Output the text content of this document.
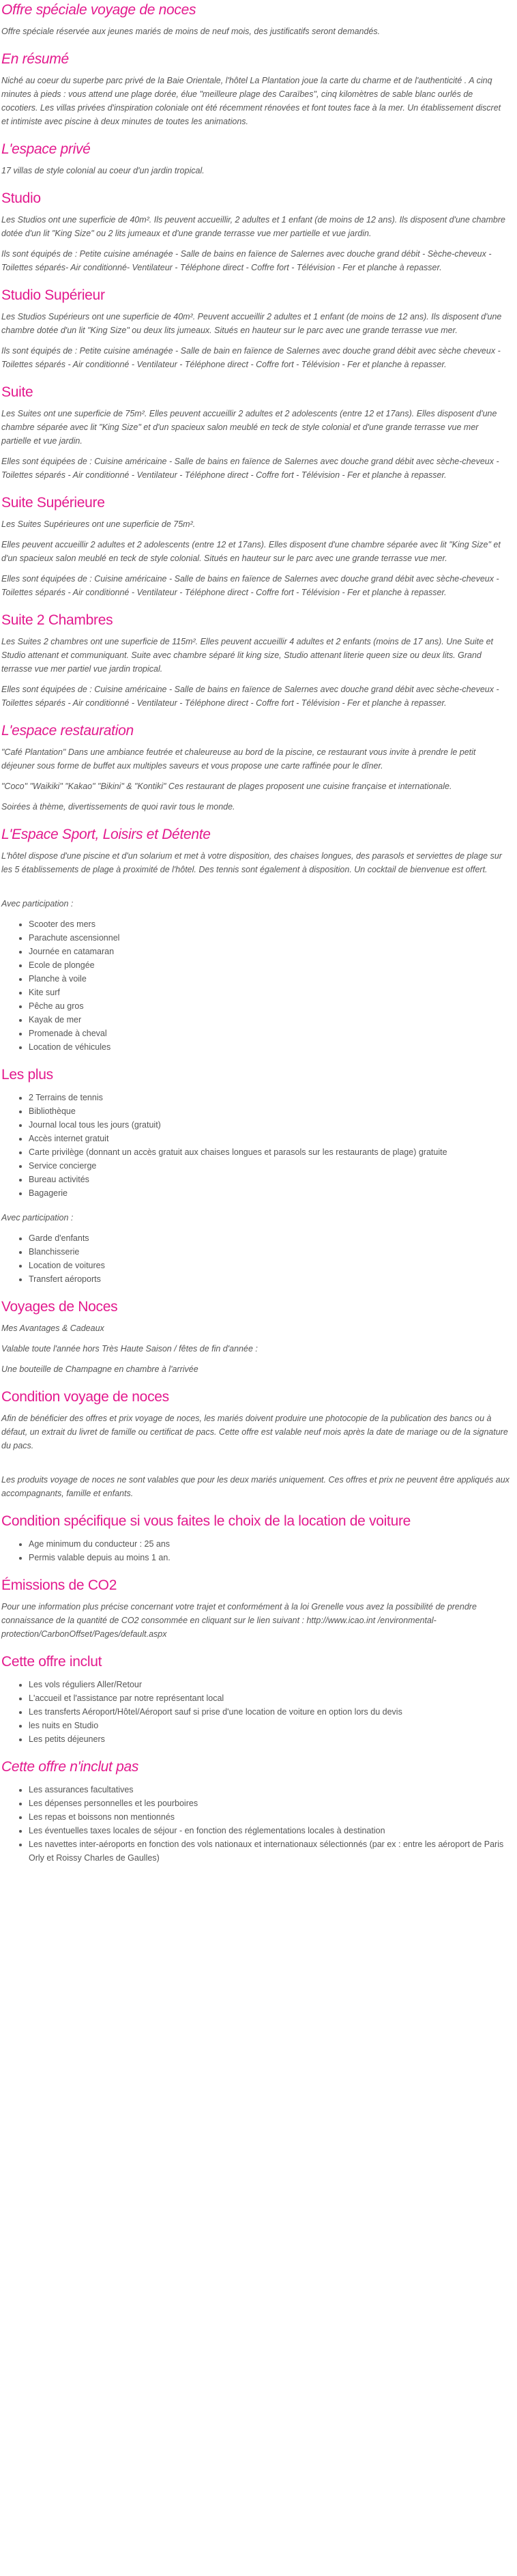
Offre spéciale voyage de noces

Offre spéciale réservée aux jeunes mariés de moins de neuf mois, des justificatifs seront demandés.

En résumé

Niché au coeur du superbe parc privé de la Baie Orientale, l'hôtel La Plantation joue la carte du charme et de l'authenticité . A cinq minutes à pieds : vous attend une plage dorée, élue "meilleure plage des Caraïbes", cinq kilomètres de sable blanc ourlés de cocotiers. Les villas privées d'inspiration coloniale ont été récemment rénovées et font toutes face à la mer. Un établissement discret et intimiste avec piscine à deux minutes de toutes les animations.

L'espace privé

17 villas de style colonial au coeur d'un jardin tropical.

Studio

Les Studios ont une superficie de 40m². Ils peuvent accueillir, 2 adultes et 1 enfant (de moins de 12 ans). Ils disposent d'une chambre dotée d'un lit "King Size" ou 2 lits jumeaux et d'une grande terrasse vue mer partielle et vue jardin.

Ils sont équipés de : Petite cuisine aménagée - Salle de bains en faïence de Salernes avec douche grand débit - Sèche-cheveux - Toilettes séparés- Air conditionné- Ventilateur - Téléphone direct - Coffre fort - Télévision - Fer et planche à repasser.

Studio Supérieur

Les Studios Supérieurs ont une superficie de 40m². Peuvent accueillir 2 adultes et 1 enfant (de moins de 12 ans). Ils disposent d'une chambre dotée d'un lit "King Size" ou deux lits jumeaux. Situés en hauteur sur le parc avec une grande terrasse vue mer.

Ils sont équipés de : Petite cuisine aménagée - Salle de bain en faïence de Salernes avec douche grand débit avec sèche cheveux - Toilettes séparés - Air conditionné - Ventilateur - Téléphone direct - Coffre fort - Télévision - Fer et planche à repasser.

Suite

Les Suites ont une superficie de 75m². Elles peuvent accueillir 2 adultes et 2 adolescents (entre 12 et 17ans). Elles disposent d'une chambre séparée avec lit "King Size" et d'un spacieux salon meublé en teck de style colonial et d'une grande terrasse vue mer partielle et vue jardin.

Elles sont équipées de : Cuisine américaine - Salle de bains en faïence de Salernes avec douche grand débit avec sèche-cheveux - Toilettes séparés - Air conditionné - Ventilateur - Téléphone direct - Coffre fort - Télévision - Fer et planche à repasser.

Suite Supérieure

Les Suites Supérieures ont une superficie de 75m².

Elles peuvent accueillir 2 adultes et 2 adolescents (entre 12 et 17ans). Elles disposent d'une chambre séparée avec lit "King Size" et d'un spacieux salon meublé en teck de style colonial. Situés en hauteur sur le parc avec une grande terrasse vue mer.

Elles sont équipées de : Cuisine américaine - Salle de bains en faïence de Salernes avec douche grand débit avec sèche-cheveux - Toilettes séparés - Air conditionné - Ventilateur - Téléphone direct - Coffre fort - Télévision - Fer et planche à repasser.

Suite 2 Chambres

Les Suites 2 chambres ont une superficie de 115m². Elles peuvent accueillir 4 adultes et 2 enfants (moins de 17 ans). Une Suite et Studio attenant et communiquant. Suite avec chambre séparé lit king size, Studio attenant literie queen size ou deux lits. Grand terrasse vue mer partiel vue jardin tropical.

Elles sont équipées de : Cuisine américaine - Salle de bains en faïence de Salernes avec douche grand débit avec sèche-cheveux - Toilettes séparés - Air conditionné - Ventilateur - Téléphone direct - Coffre fort - Télévision - Fer et planche à repasser.

L'espace restauration

"Café Plantation" Dans une ambiance feutrée et chaleureuse au bord de la piscine, ce restaurant vous invite à prendre le petit déjeuner sous forme de buffet aux multiples saveurs et vous propose une carte raffinée pour le dîner.

"Coco" "Waikiki" "Kakao" "Bikini" & "Kontiki" Ces restaurant de plages proposent une cuisine française et internationale.

Soirées à thème, divertissements de quoi ravir tous le monde.

L'Espace Sport, Loisirs et Détente

L'hôtel dispose d'une piscine et d'un solarium et met à votre disposition, des chaises longues, des parasols et serviettes de plage sur les 5 établissements de plage à proximité de l'hôtel. Des tennis sont également à disposition. Un cocktail de bienvenue est offert.

Avec participation :

• Scooter des mers
• Parachute ascensionnel
• Journée en catamaran
• Ecole de plongée
• Planche à voile
• Kite surf
• Pêche au gros
• Kayak de mer
• Promenade à cheval
• Location de véhicules
Les plus
• 2 Terrains de tennis
• Bibliothèque
• Journal local tous les jours (gratuit)
• Accès internet gratuit
• Carte privilège (donnant un accès gratuit aux chaises longues et parasols sur les restaurants de plage) gratuite
• Service concierge
• Bureau activités
• Bagagerie

Avec participation :

• Garde d'enfants
• Blanchisserie
• Location de voitures
• Transfert aéroports
Voyages de Noces

Mes Avantages & Cadeaux

Valable toute l'année hors Très Haute Saison / fêtes de fin d'année :

Une bouteille de Champagne en chambre à l'arrivée

Condition voyage de noces

Afin de bénéficier des offres et prix voyage de noces, les mariés doivent produire une photocopie de la publication des bancs ou à défaut, un extrait du livret de famille ou certificat de pacs. Cette offre est valable neuf mois après la date de mariage ou de la signature du pacs.

Les produits voyage de noces ne sont valables que pour les deux mariés uniquement. Ces offres et prix ne peuvent être appliqués aux accompagnants, famille et enfants.

Condition spécifique si vous faites le choix de la location de voiture
• Age minimum du conducteur : 25 ans
• Permis valable depuis au moins 1 an.
Émissions de CO2

Pour une information plus précise concernant votre trajet et conformément à la loi Grenelle vous avez la possibilité de prendre connaissance de la quantité de CO2 consommée en cliquant sur le lien suivant : http://www.icao.int /environmental-protection/CarbonOffset/Pages/default.aspx

Cette offre inclut
• Les vols réguliers Aller/Retour
• L'accueil et l'assistance par notre représentant local
• Les transferts Aéroport/Hôtel/Aéroport sauf si prise d'une location de voiture en option lors du devis
• les nuits en Studio
• Les petits déjeuners
Cette offre n'inclut pas
• Les assurances facultatives
• Les dépenses personnelles et les pourboires
• Les repas et boissons non mentionnés
• Les éventuelles taxes locales de séjour - en fonction des réglementations locales à destination
• Les navettes inter-aéroports en fonction des vols nationaux et internationaux sélectionnés (par ex : entre les aéroport de Paris Orly et Roissy Charles de Gaulles)
